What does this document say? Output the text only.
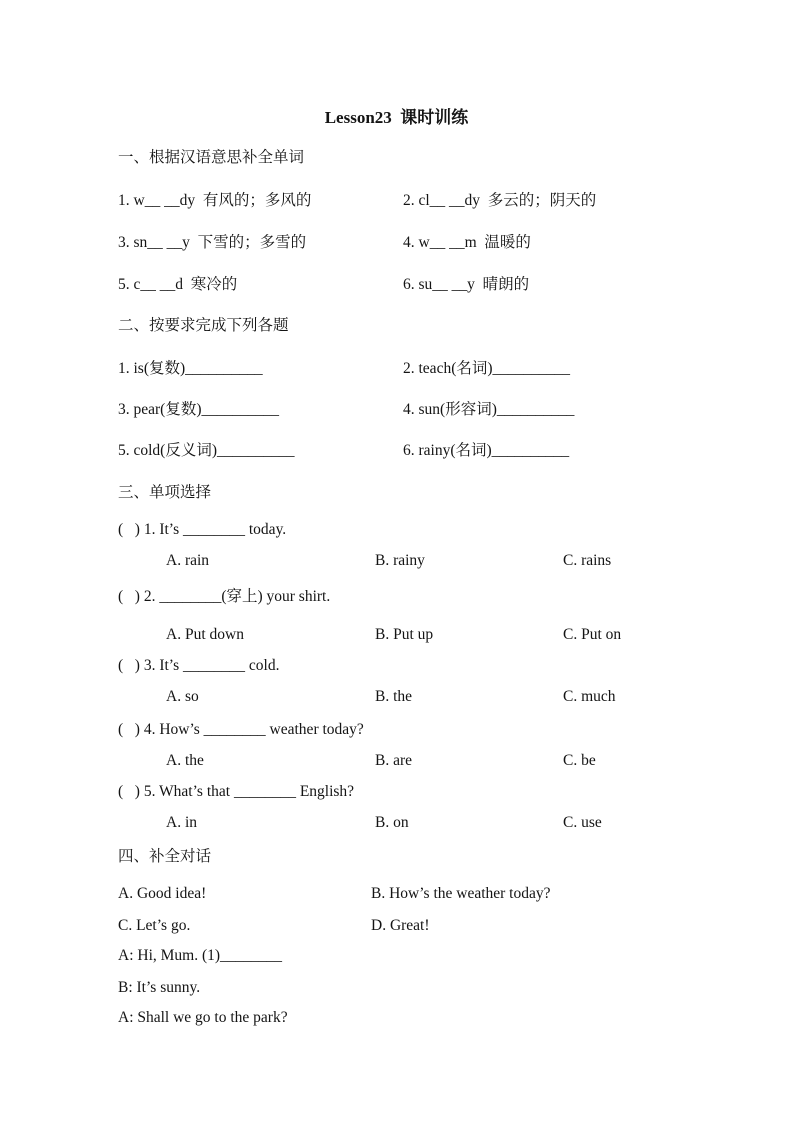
Lesson23  课时训练
一、根据汉语意思补全单词
1. w__ __dy  有风的；多风的	2. cl__ __dy  多云的；阴天的
3. sn__ __y  下雪的；多雪的	4. w__ __m  温暖的
5. c__ __d  寒冷的	6. su__ __y  晴朗的
二、按要求完成下列各题
1. is(复数)__________	2. teach(名词)__________
3. pear(复数)__________	4. sun(形容词)__________
5. cold(反义词)__________	6. rainy(名词)__________
三、单项选择
(   ) 1. It’s ________ today.
A. rain	B. rainy	C. rains
(   ) 2. ________(穿上) your shirt.
A. Put down	B. Put up	C. Put on
(   ) 3. It’s ________ cold.
A. so	B. the	C. much
(   ) 4. How’s ________ weather today?
A. the	B. are	C. be
(   ) 5. What’s that ________ English?
A. in	B. on	C. use
四、补全对话
A. Good idea!	B. How’s the weather today?
C. Let’s go.	D. Great!
A: Hi, Mum. (1)________
B: It’s sunny.
A: Shall we go to the park?
